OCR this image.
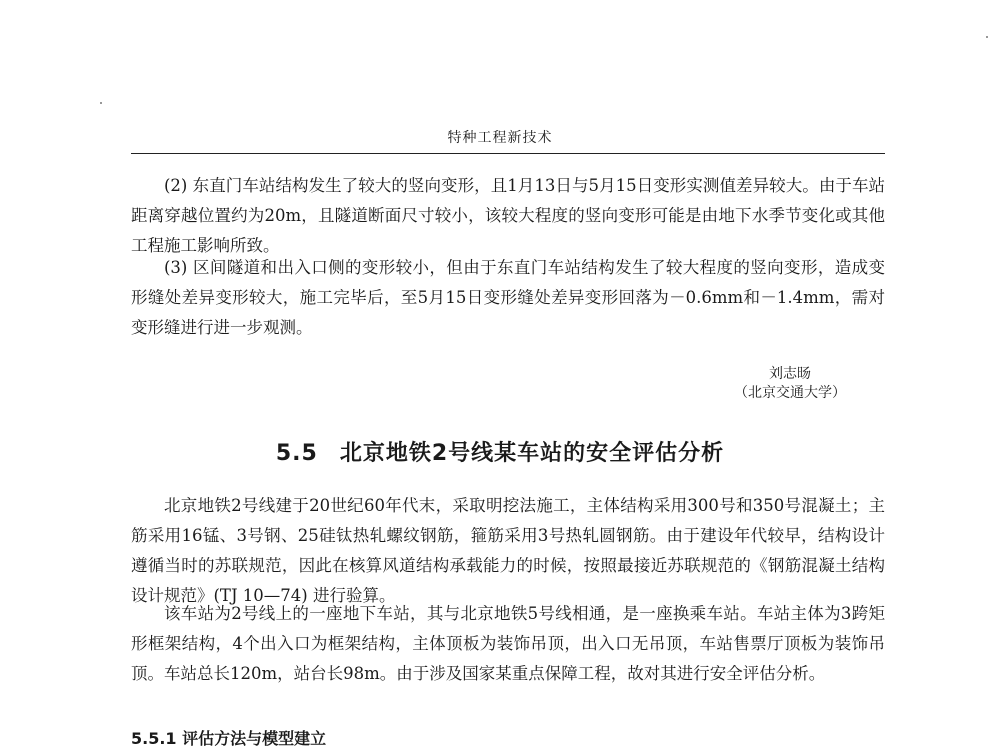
特种工程新技术

(2) 东直门车站结构发生了较大的竖向变形，且1月13日与5月15日变形实测值差异较大。由于车站距离穿越位置约为20m，且隧道断面尺寸较小，该较大程度的竖向变形可能是由地下水季节变化或其他工程施工影响所致。

(3) 区间隧道和出入口侧的变形较小，但由于东直门车站结构发生了较大程度的竖向变形，造成变形缝处差异变形较大，施工完毕后，至5月15日变形缝处差异变形回落为－0.6mm和－1.4mm，需对变形缝进行进一步观测。

刘志旸
（北京交通大学）
5.5 北京地铁2号线某车站的安全评估分析

北京地铁2号线建于20世纪60年代末，采取明挖法施工，主体结构采用300号和350号混凝土；主筋采用16锰、3号钢、25硅钛热轧螺纹钢筋，箍筋采用3号热轧圆钢筋。由于建设年代较早，结构设计遵循当时的苏联规范，因此在核算风道结构承载能力的时候，按照最接近苏联规范的《钢筋混凝土结构设计规范》(TJ 10—74) 进行验算。

该车站为2号线上的一座地下车站，其与北京地铁5号线相通，是一座换乘车站。车站主体为3跨矩形框架结构，4个出入口为框架结构，主体顶板为装饰吊顶，出入口无吊顶，车站售票厅顶板为装饰吊顶。车站总长120m，站台长98m。由于涉及国家某重点保障工程，故对其进行安全评估分析。

5.5.1 评估方法与模型建立
